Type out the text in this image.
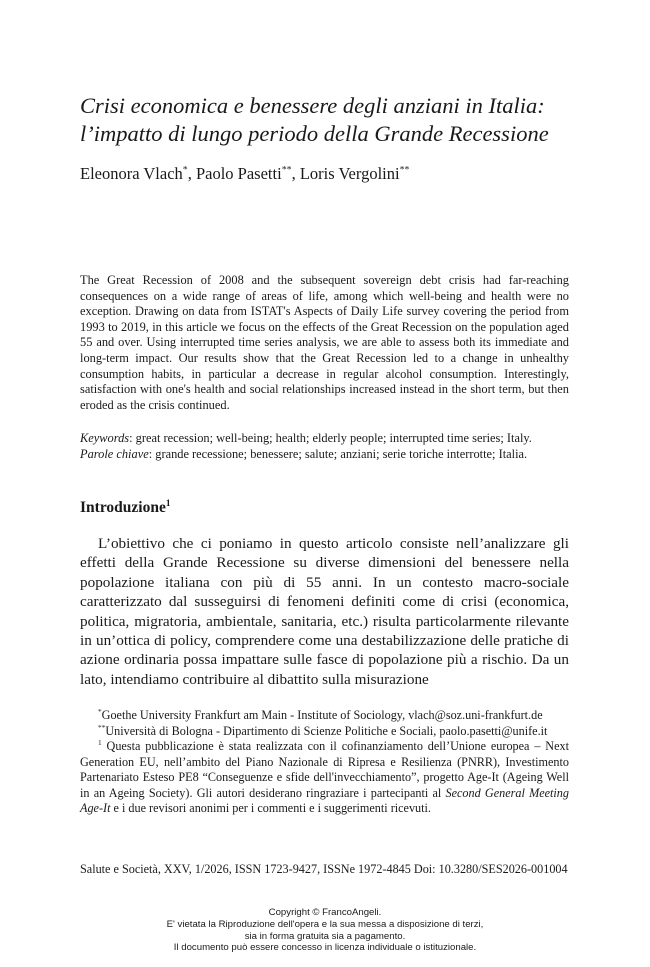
Crisi economica e benessere degli anziani in Italia:
l’impatto di lungo periodo della Grande Recessione
Eleonora Vlach*, Paolo Pasetti**, Loris Vergolini**

The Great Recession of 2008 and the subsequent sovereign debt crisis had far-reaching consequences on a wide range of areas of life, among which well-being and health were no exception. Drawing on data from ISTAT's Aspects of Daily Life survey covering the period from 1993 to 2019, in this article we focus on the effects of the Great Recession on the population aged 55 and over. Using interrupted time series analysis, we are able to assess both its immediate and long-term impact. Our results show that the Great Recession led to a change in unhealthy consumption habits, in particular a decrease in regular alcohol consumption. Interestingly, satisfaction with one's health and social relationships increased instead in the short term, but then eroded as the crisis continued.

Keywords: great recession; well-being; health; elderly people; interrupted time series; Italy.
Parole chiave: grande recessione; benessere; salute; anziani; serie toriche interrotte; Italia.
Introduzione$^1$

L’obiettivo che ci poniamo in questo articolo consiste nell’analizzare gli effetti della Grande Recessione su diverse dimensioni del benessere nella popolazione italiana con più di 55 anni. In un contesto macro-sociale caratterizzato dal susseguirsi di fenomeni definiti come di crisi (economica, politica, migratoria, ambientale, sanitaria, etc.) risulta particolarmente rilevante in un’ottica di policy, comprendere come una destabilizzazione delle pratiche di azione ordinaria possa impattare sulle fasce di popolazione più a rischio. Da un lato, intendiamo contribuire al dibattito sulla misurazione

*Goethe University Frankfurt am Main - Institute of Sociology, vlach@soz.uni-frankfurt.de

**Università di Bologna - Dipartimento di Scienze Politiche e Sociali, paolo.pasetti@unife.it

$^1$ Questa pubblicazione è stata realizzata con il cofinanziamento dell’Unione europea – Next Generation EU, nell’ambito del Piano Nazionale di Ripresa e Resilienza (PNRR), Investimento Partenariato Esteso PE8 “Conseguenze e sfide dell'invecchiamento”, progetto Age-It (Ageing Well in an Ageing Society). Gli autori desiderano ringraziare i partecipanti al Second General Meeting Age-It e i due revisori anonimi per i commenti e i suggerimenti ricevuti.

Salute e Società, XXV, 1/2026, ISSN 1723-9427, ISSNe 1972-4845 Doi: 10.3280/SES2026-001004
Copyright © FrancoAngeli.
E' vietata la Riproduzione dell'opera e la sua messa a disposizione di terzi,
sia in forma gratuita sia a pagamento.
Il documento può essere concesso in licenza individuale o istituzionale.
